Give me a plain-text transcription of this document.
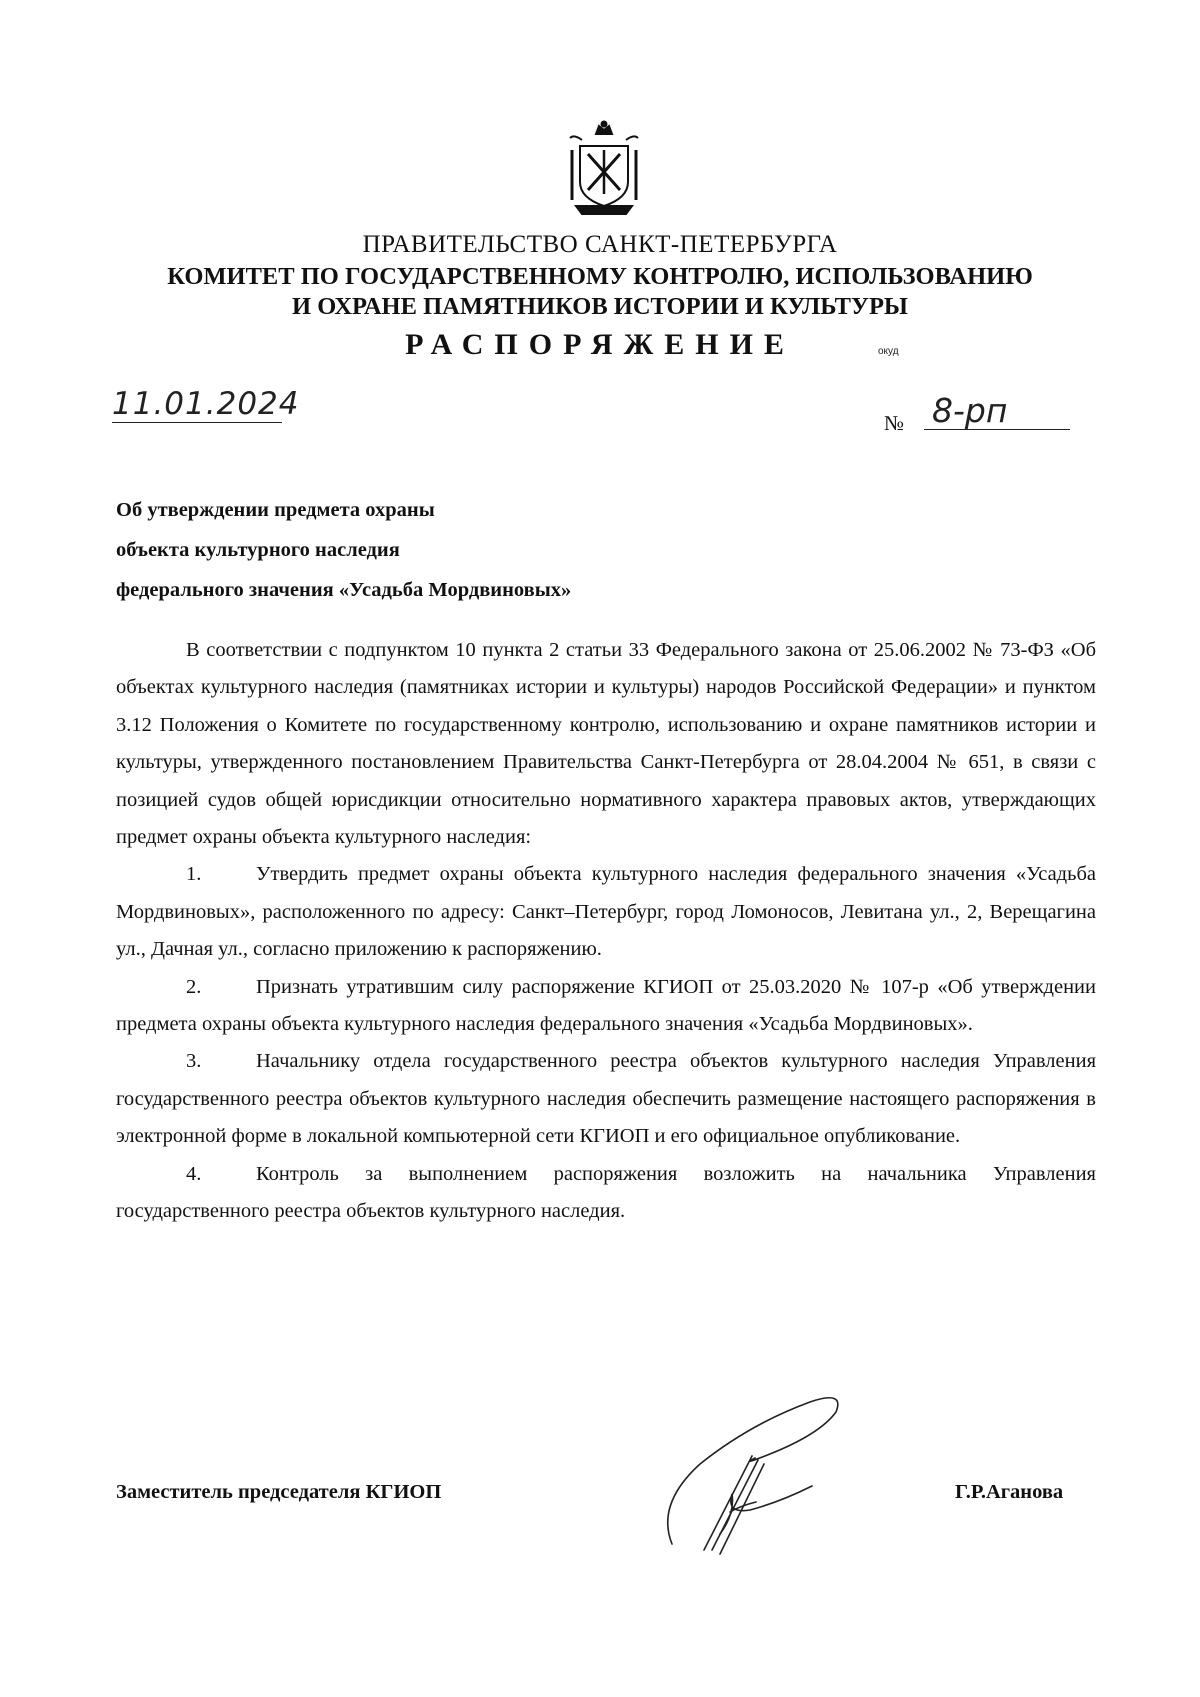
ПРАВИТЕЛЬСТВО САНКТ-ПЕТЕРБУРГА
КОМИТЕТ ПО ГОСУДАРСТВЕННОМУ КОНТРОЛЮ, ИСПОЛЬЗОВАНИЮ
И ОХРАНЕ ПАМЯТНИКОВ ИСТОРИИ И КУЛЬТУРЫ
РАСПОРЯЖЕНИЕ	окуд
11.01.2024
№ 8-рп
Об утверждении предмета охраны
объекта культурного наследия
федерального значения «Усадьба Мордвиновых»

В соответствии с подпунктом 10 пункта 2 статьи 33 Федерального закона от 25.06.2002 № 73-ФЗ «Об объектах культурного наследия (памятниках истории и культуры) народов Российской Федерации» и пунктом 3.12 Положения о Комитете по государственному контролю, использованию и охране памятников истории и культуры, утвержденного постановлением Правительства Санкт-Петербурга от 28.04.2004 № 651, в связи с позицией судов общей юрисдикции относительно нормативного характера правовых актов, утверждающих предмет охраны объекта культурного наследия:

1.	Утвердить предмет охраны объекта культурного наследия федерального значения «Усадьба Мордвиновых», расположенного по адресу: Санкт–Петербург, город Ломоносов, Левитана ул., 2, Верещагина ул., Дачная ул., согласно приложению к распоряжению.

2.	Признать утратившим силу распоряжение КГИОП от 25.03.2020 № 107-р «Об утверждении предмета охраны объекта культурного наследия федерального значения «Усадьба Мордвиновых».

3.	Начальнику отдела государственного реестра объектов культурного наследия Управления государственного реестра объектов культурного наследия обеспечить размещение настоящего распоряжения в электронной форме в локальной компьютерной сети КГИОП и его официальное опубликование.

4.	Контроль за выполнением распоряжения возложить на начальника Управления государственного реестра объектов культурного наследия.

Заместитель председателя КГИОП	Г.Р.Аганова
